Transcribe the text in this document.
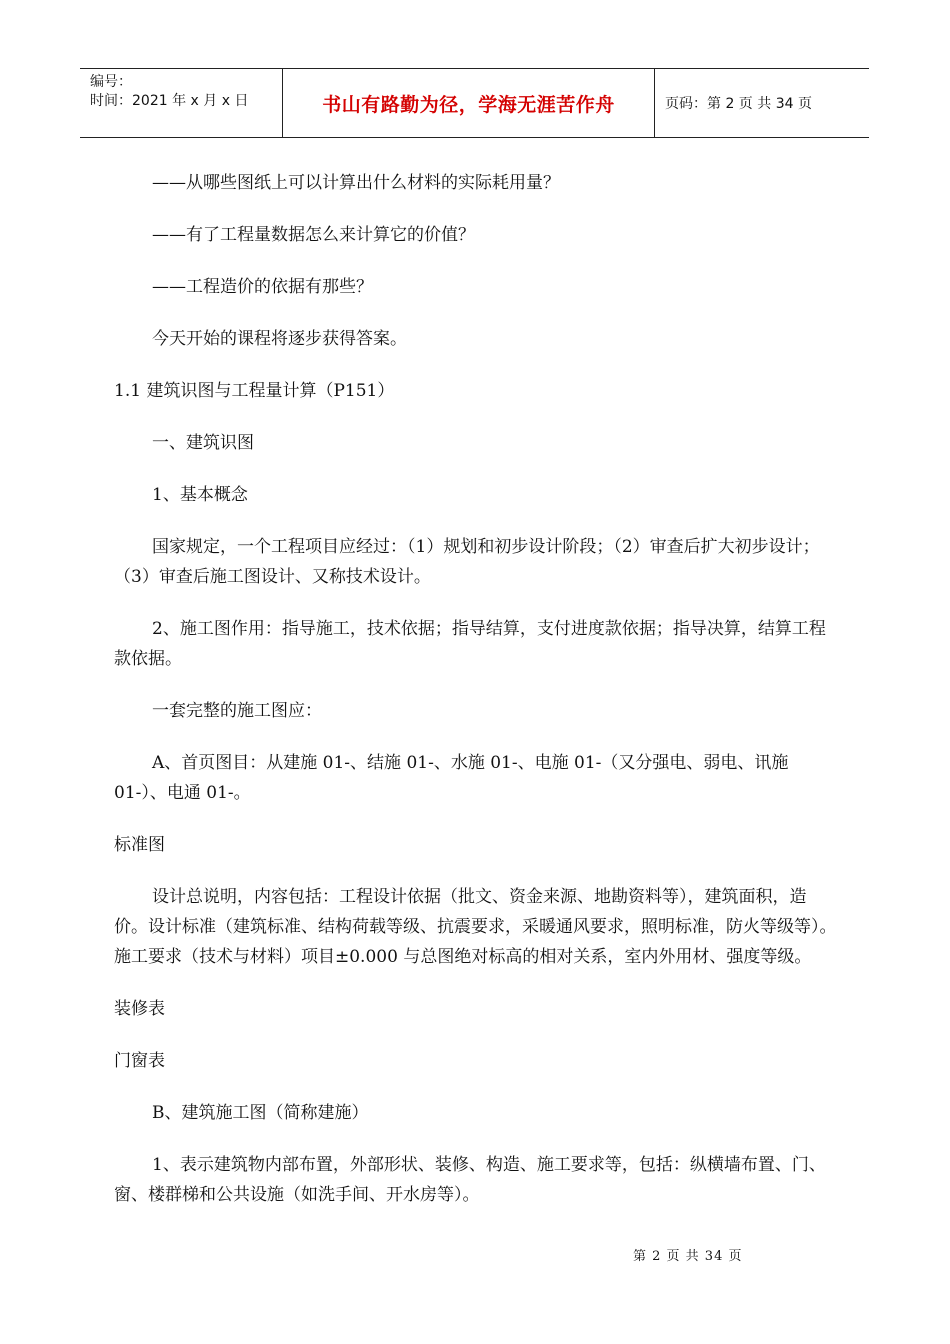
编号：
时间：2021 年 x 月 x 日	书山有路勤为径，学海无涯苦作舟	页码：第 2 页 共 34 页

——从哪些图纸上可以计算出什么材料的实际耗用量？

——有了工程量数据怎么来计算它的价值？

——工程造价的依据有那些？

今天开始的课程将逐步获得答案。

1.1 建筑识图与工程量计算（P151）

一、建筑识图

1、基本概念

国家规定，一个工程项目应经过：（1）规划和初步设计阶段；（2）审查后扩大初步设计；（3）审查后施工图设计、又称技术设计。

2、施工图作用：指导施工，技术依据；指导结算，支付进度款依据；指导决算，结算工程款依据。

一套完整的施工图应：

A、首页图目：从建施 01-、结施 01-、水施 01-、电施 01-（又分强电、弱电、讯施 01-）、电通 01-。

标准图

设计总说明，内容包括：工程设计依据（批文、资金来源、地勘资料等），建筑面积，造价。设计标准（建筑标准、结构荷载等级、抗震要求，采暖通风要求，照明标准，防火等级等）。施工要求（技术与材料）项目±0.000 与总图绝对标高的相对关系，室内外用材、强度等级。

装修表

门窗表

B、建筑施工图（简称建施）

1、表示建筑物内部布置，外部形状、装修、构造、施工要求等，包括：纵横墙布置、门、窗、楼群梯和公共设施（如洗手间、开水房等）。

第 2 页 共 34 页
